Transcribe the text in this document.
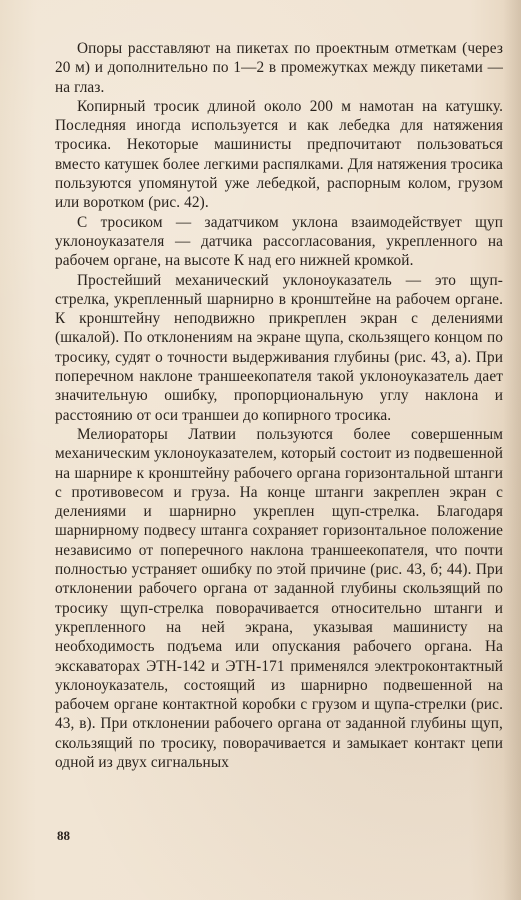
Опоры расставляют на пикетах по проектным отметкам (через 20 м) и дополнительно по 1—2 в промежутках между пикетами — на глаз.

Копирный тросик длиной около 200 м намотан на катушку. Последняя иногда используется и как лебедка для натяжения тросика. Некоторые машинисты предпочитают пользоваться вместо катушек более легкими распялками. Для натяжения тросика пользуются упомянутой уже лебедкой, распорным колом, грузом или воротком (рис. 42).

С тросиком — задатчиком уклона взаимодействует щуп уклоноуказателя — датчика рассогласования, укрепленного на рабочем органе, на высоте К над его нижней кромкой.

Простейший механический уклоноуказатель — это щуп-стрелка, укрепленный шарнирно в кронштейне на рабочем органе. К кронштейну неподвижно прикреплен экран с делениями (шкалой). По отклонениям на экране щупа, скользящего концом по тросику, судят о точности выдерживания глубины (рис. 43, а). При поперечном наклоне траншеекопателя такой уклоноуказатель дает значительную ошибку, пропорциональную углу наклона и расстоянию от оси траншеи до копирного тросика.

Мелиораторы Латвии пользуются более совершенным механическим уклоноуказателем, который состоит из подвешенной на шарнире к кронштейну рабочего органа горизонтальной штанги с противовесом и груза. На конце штанги закреплен экран с делениями и шарнирно укреплен щуп-стрелка. Благодаря шарнирному подвесу штанга сохраняет горизонтальное положение независимо от поперечного наклона траншеекопателя, что почти полностью устраняет ошибку по этой причине (рис. 43, б; 44). При отклонении рабочего органа от заданной глубины скользящий по тросику щуп-стрелка поворачивается относительно штанги и укрепленного на ней экрана, указывая машинисту на необходимость подъема или опускания рабочего органа. На экскаваторах ЭТН-142 и ЭТН-171 применялся электроконтактный уклоноуказатель, состоящий из шарнирно подвешенной на рабочем органе контактной коробки с грузом и щупа-стрелки (рис. 43, в). При отклонении рабочего органа от заданной глубины щуп, скользящий по тросику, поворачивается и замыкает контакт цепи одной из двух сигнальных

88
